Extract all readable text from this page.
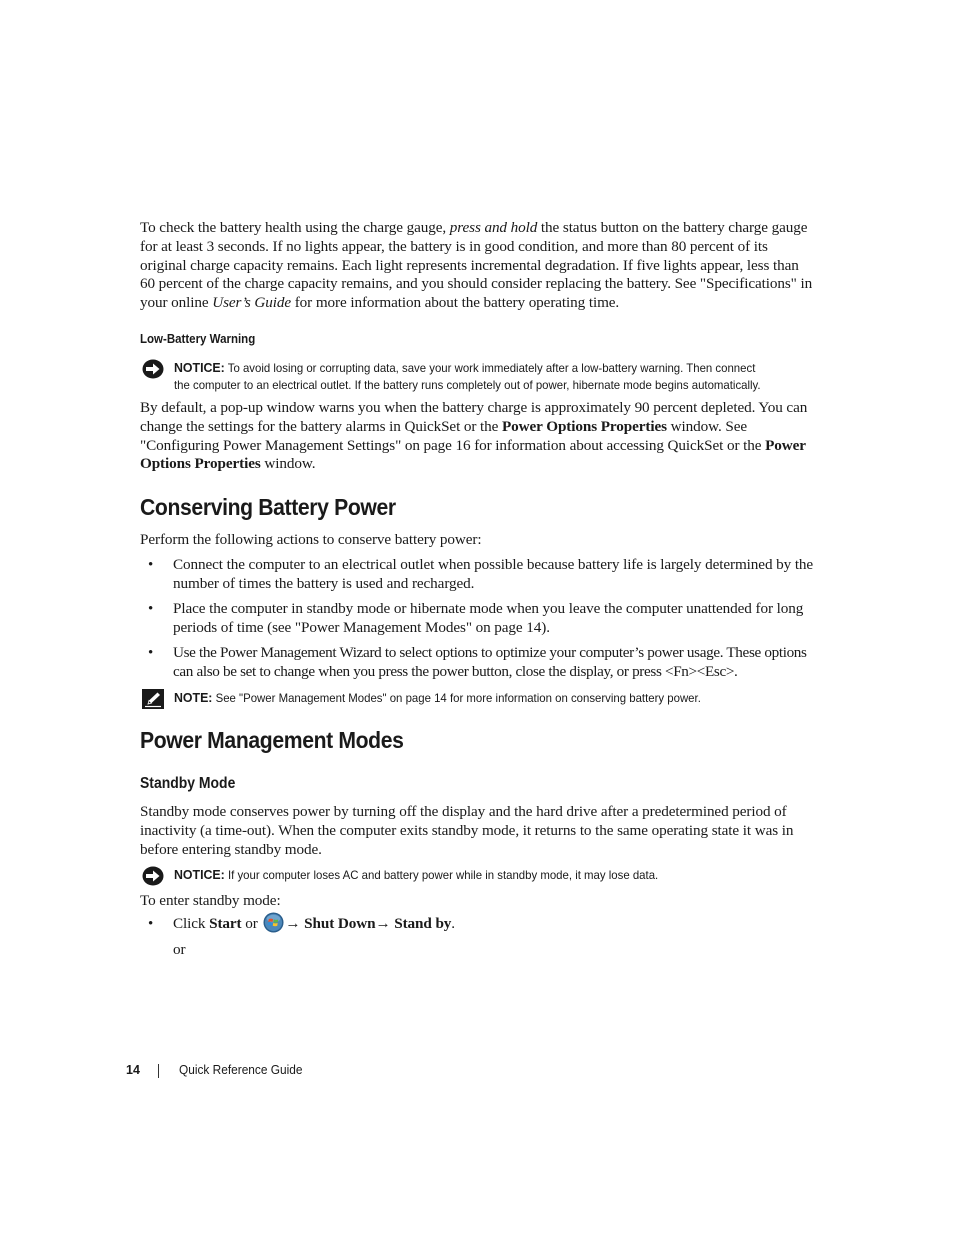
To check the battery health using the charge gauge, press and hold the status button on the battery charge gauge for at least 3 seconds. If no lights appear, the battery is in good condition, and more than 80 percent of its original charge capacity remains. Each light represents incremental degradation. If five lights appear, less than 60 percent of the charge capacity remains, and you should consider replacing the battery. See "Specifications" in your online User’s Guide for more information about the battery operating time.

Low-Battery Warning
NOTICE: To avoid losing or corrupting data, save your work immediately after a low-battery warning. Then connect
the computer to an electrical outlet. If the battery runs completely out of power, hibernate mode begins automatically.

By default, a pop-up window warns you when the battery charge is approximately 90 percent depleted. You can change the settings for the battery alarms in QuickSet or the Power Options Properties window. See "Configuring Power Management Settings" on page 16 for information about accessing QuickSet or the Power Options Properties window.

Conserving Battery Power

Perform the following actions to conserve battery power:

• Connect the computer to an electrical outlet when possible because battery life is largely determined by the number of times the battery is used and recharged.

• Place the computer in standby mode or hibernate mode when you leave the computer unattended for long periods of time (see "Power Management Modes" on page 14).

• Use the Power Management Wizard to select options to optimize your computer’s power usage. These options can also be set to change when you press the power button, close the display, or press <Fn><Esc>.

NOTE: See "Power Management Modes" on page 14 for more information on conserving battery power.
Power Management Modes
Standby Mode

Standby mode conserves power by turning off the display and the hard drive after a predetermined period of inactivity (a time-out). When the computer exits standby mode, it returns to the same operating state it was in before entering standby mode.

NOTICE: If your computer loses AC and battery power while in standby mode, it may lose data.

To enter standby mode:

• Click Start or → Shut Down→ Stand by.

or

14	Quick Reference Guide
